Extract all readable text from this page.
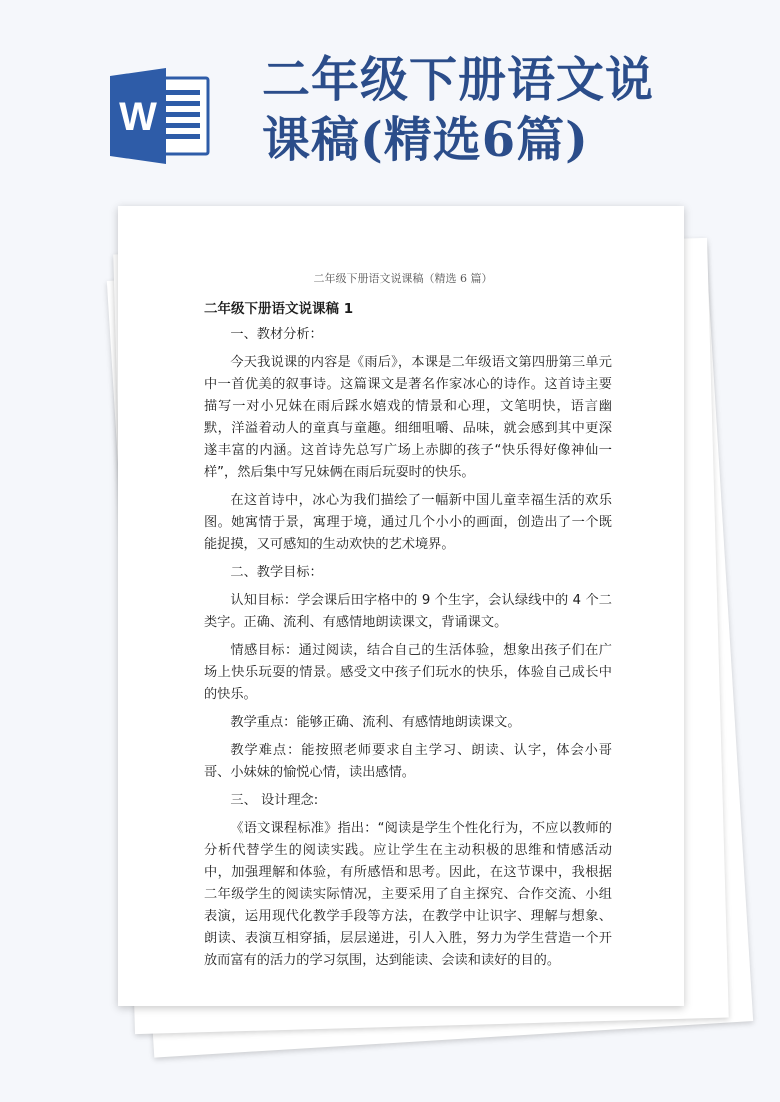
W
二年级下册语文说
课稿(精选6篇)
二年级下册语文说课稿（精选 6 篇）
二年级下册语文说课稿 1
一、教材分析：
今天我说课的内容是《雨后》，本课是二年级语文第四册第三单元中一首优美的叙事诗。这篇课文是著名作家冰心的诗作。这首诗主要描写一对小兄妹在雨后踩水嬉戏的情景和心理，文笔明快，语言幽默，洋溢着动人的童真与童趣。细细咀嚼、品味，就会感到其中更深遂丰富的内涵。这首诗先总写广场上赤脚的孩子“快乐得好像神仙一样”，然后集中写兄妹俩在雨后玩耍时的快乐。
在这首诗中，冰心为我们描绘了一幅新中国儿童幸福生活的欢乐图。她寓情于景，寓理于境，通过几个小小的画面，创造出了一个既能捉摸，又可感知的生动欢快的艺术境界。
二、教学目标：
认知目标：学会课后田字格中的 9 个生字，会认绿线中的 4 个二类字。正确、流利、有感情地朗读课文，背诵课文。
情感目标：通过阅读，结合自己的生活体验，想象出孩子们在广场上快乐玩耍的情景。感受文中孩子们玩水的快乐，体验自己成长中的快乐。
教学重点：能够正确、流利、有感情地朗读课文。
教学难点：能按照老师要求自主学习、朗读、认字，体会小哥哥、小妹妹的愉悦心情，读出感情。
三、 设计理念:
《语文课程标准》指出：“阅读是学生个性化行为，不应以教师的分析代替学生的阅读实践。应让学生在主动积极的思维和情感活动中，加强理解和体验，有所感悟和思考。因此，在这节课中，我根据二年级学生的阅读实际情况，主要采用了自主探究、合作交流、小组表演，运用现代化教学手段等方法，在教学中让识字、理解与想象、朗读、表演互相穿插，层层递进，引人入胜，努力为学生营造一个开放而富有的活力的学习氛围，达到能读、会读和读好的目的。
